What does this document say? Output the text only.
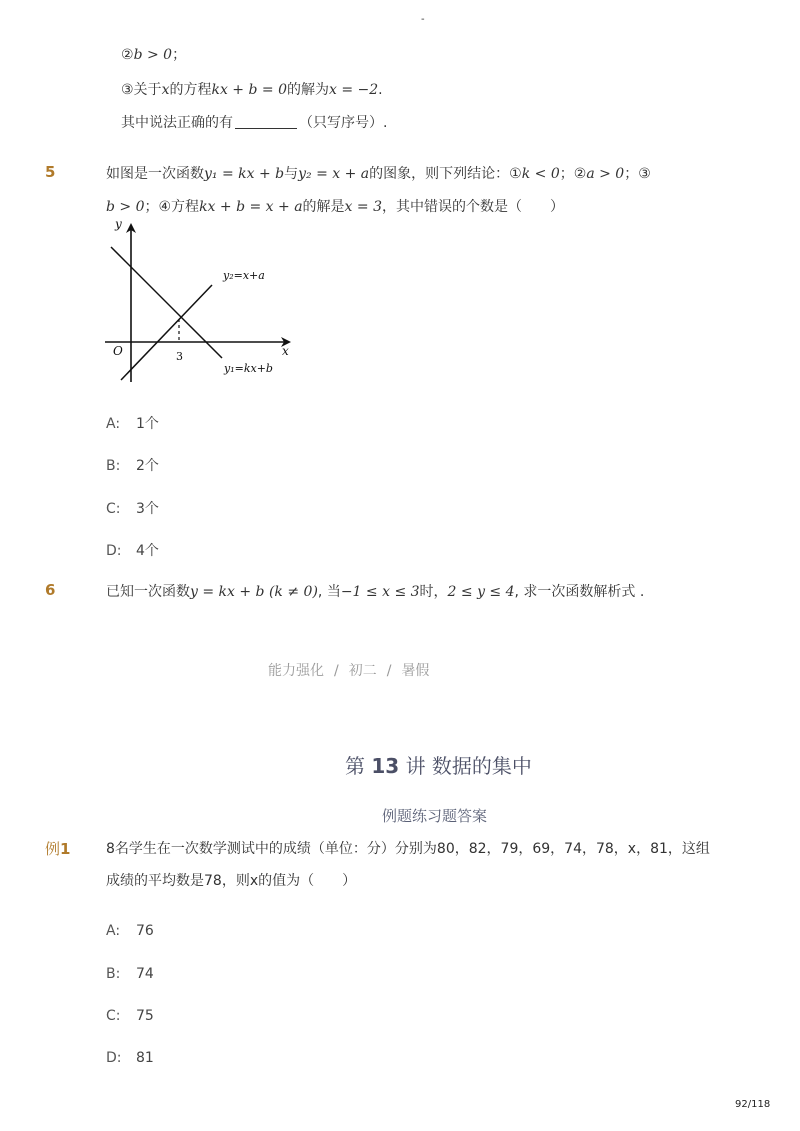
-
②b > 0；
③关于x的方程kx + b = 0的解为x = −2.
其中说法正确的有	（只写序号）.
5	如图是一次函数y₁ = kx + b与y₂ = x + a的图象，则下列结论：①k < 0；②a > 0；③
b > 0；④方程kx + b = x + a的解是x = 3，其中错误的个数是（　　）
y
x
O	3
y₂=x+a
y₁=kx+b
A: 1个
B: 2个
C: 3个
D: 4个
6	已知一次函数y = kx + b (k ≠ 0), 当−1 ≤ x ≤ 3时，2 ≤ y ≤ 4, 求一次函数解析式 .
能力强化 / 初二 / 暑假
第 13 讲 数据的集中
例题练习题答案
例1	8名学生在一次数学测试中的成绩（单位：分）分别为80，82，79，69，74，78，x，81，这组
成绩的平均数是78，则x的值为（　　）
A: 76
B: 74
C: 75
D: 81
92/118
